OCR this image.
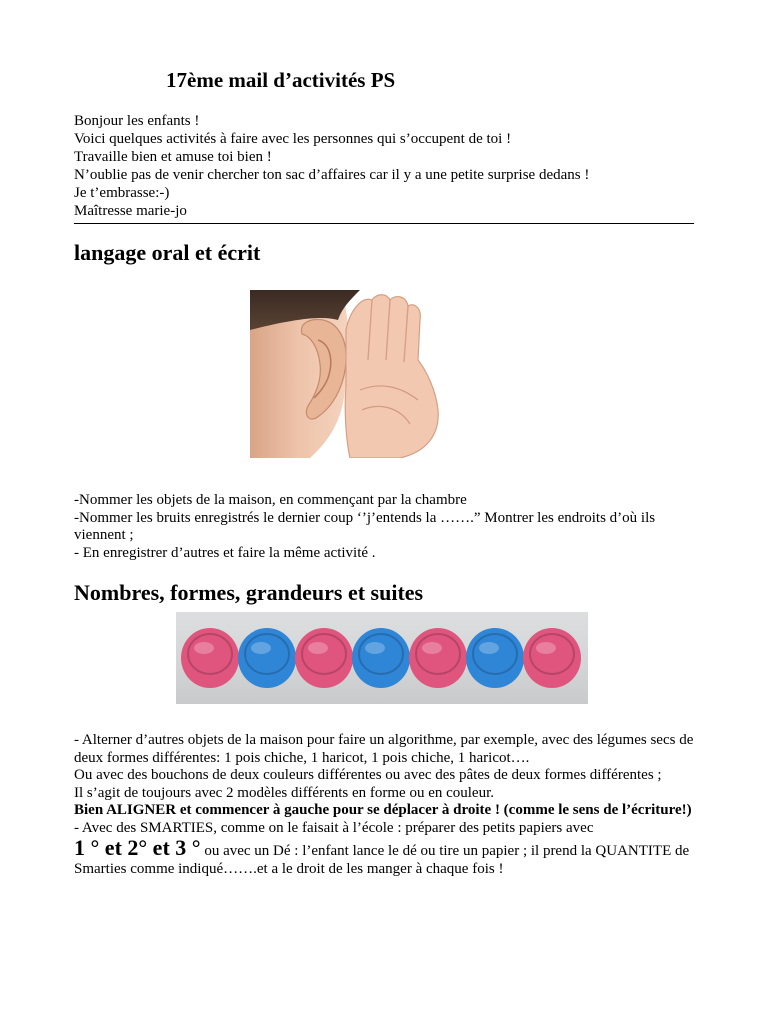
17ème mail d’activités PS
Bonjour les enfants !
Voici quelques activités à faire avec les personnes qui s’occupent de toi !
Travaille bien et amuse toi bien !
N’oublie pas de venir chercher ton sac d’affaires car il y a une petite surprise dedans !
Je t’embrasse:-)
Maîtresse marie-jo
langage oral et écrit
-Nommer les objets de la maison, en commençant par la chambre
-Nommer les bruits enregistrés le dernier coup ‘’j’entends la …….” Montrer les endroits d’où ils viennent ;
- En enregistrer d’autres et faire la même activité .
Nombres, formes, grandeurs et suites
- Alterner d’autres objets de la maison pour faire un algorithme, par exemple, avec des légumes secs de deux formes différentes: 1 pois chiche, 1 haricot, 1 pois chiche, 1 haricot….
Ou avec des bouchons de deux couleurs différentes ou avec des pâtes de deux formes différentes ;
Il s’agit de toujours avec 2 modèles différents en forme ou en couleur.
Bien ALIGNER et commencer à gauche pour se déplacer à droite ! (comme le sens de l’écriture!)
- Avec des SMARTIES, comme on le faisait à l’école : préparer des petits papiers avec
1 ° et 2° et 3 ° ou avec un Dé : l’enfant lance le dé ou tire un papier ; il prend la QUANTITE de Smarties comme indiqué…….et a le droit de les manger à chaque fois !
